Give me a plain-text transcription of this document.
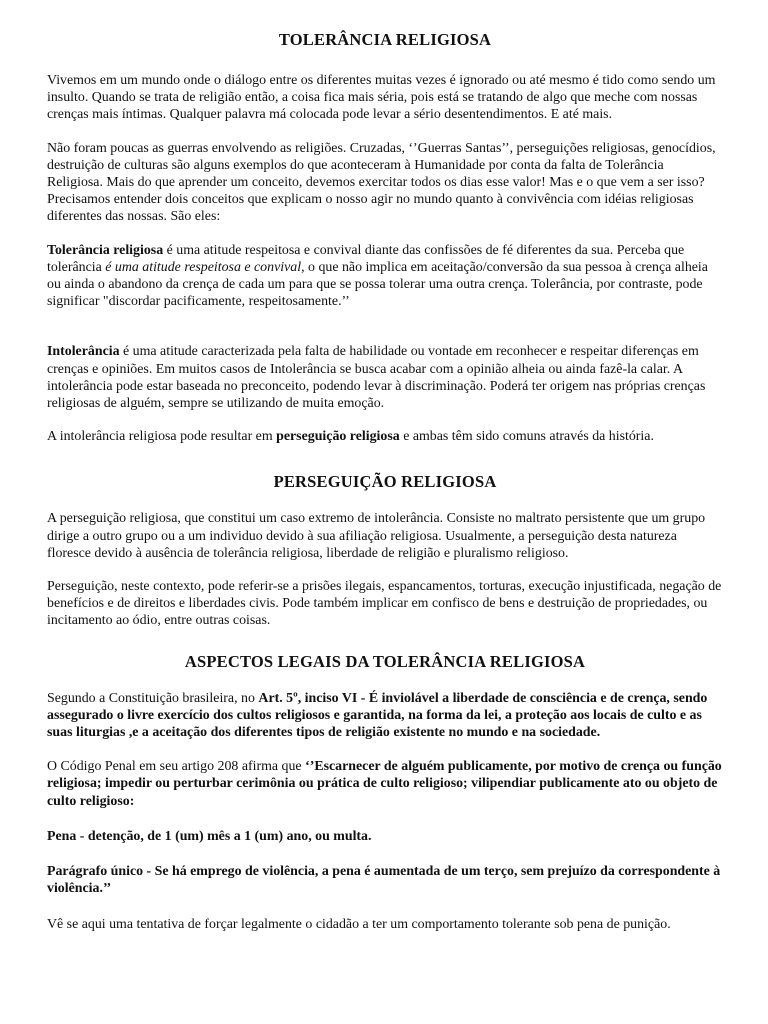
TOLERÂNCIA RELIGIOSA

Vivemos em um mundo onde o diálogo entre os diferentes muitas vezes é ignorado ou até mesmo é tido como sendo um insulto. Quando se trata de religião então, a coisa fica mais séria, pois está se tratando de algo que meche com nossas crenças mais íntimas. Qualquer palavra má colocada pode levar a sério desentendimentos. E até mais.

Não foram poucas as guerras envolvendo as religiões. Cruzadas, ‘’Guerras Santas’’, perseguições religiosas, genocídios, destruição de culturas são alguns exemplos do que aconteceram à Humanidade por conta da falta de Tolerância Religiosa. Mais do que aprender um conceito, devemos exercitar todos os dias esse valor! Mas e o que vem a ser isso? Precisamos entender dois conceitos que explicam o nosso agir no mundo quanto à convivência com idéias religiosas diferentes das nossas. São eles:

Tolerância religiosa é uma atitude respeitosa e convival diante das confissões de fé diferentes da sua. Perceba que tolerância é uma atitude respeitosa e convival, o que não implica em aceitação/conversão da sua pessoa à crença alheia ou ainda o abandono da crença de cada um para que se possa tolerar uma outra crença. Tolerância, por contraste, pode significar "discordar pacificamente, respeitosamente.’’

Intolerância é uma atitude caracterizada pela falta de habilidade ou vontade em reconhecer e respeitar diferenças em crenças e opiniões. Em muitos casos de Intolerância se busca acabar com a opinião alheia ou ainda fazê-la calar. A intolerância pode estar baseada no preconceito, podendo levar à discriminação. Poderá ter origem nas próprias crenças religiosas de alguém, sempre se utilizando de muita emoção.

A intolerância religiosa pode resultar em perseguição religiosa e ambas têm sido comuns através da história.

PERSEGUIÇÃO RELIGIOSA

A perseguição religiosa, que constitui um caso extremo de intolerância. Consiste no maltrato persistente que um grupo dirige a outro grupo ou a um individuo devido à sua afiliação religiosa. Usualmente, a perseguição desta natureza floresce devido à ausência de tolerância religiosa, liberdade de religião e pluralismo religioso.

Perseguição, neste contexto, pode referir-se a prisões ilegais, espancamentos, torturas, execução injustificada, negação de benefícios e de direitos e liberdades civis. Pode também implicar em confisco de bens e destruição de propriedades, ou incitamento ao ódio, entre outras coisas.

ASPECTOS LEGAIS DA TOLERÂNCIA RELIGIOSA

Segundo a Constituição brasileira, no Art. 5º, inciso VI - É inviolável a liberdade de consciência e de crença, sendo assegurado o livre exercício dos cultos religiosos e garantida, na forma da lei, a proteção aos locais de culto e as suas liturgias ,e a aceitação dos diferentes tipos de religião existente no mundo e na sociedade.

O Código Penal em seu artigo 208 afirma que ‘’Escarnecer de alguém publicamente, por motivo de crença ou função religiosa; impedir ou perturbar cerimônia ou prática de culto religioso; vilipendiar publicamente ato ou objeto de culto religioso:

Pena - detenção, de 1 (um) mês a 1 (um) ano, ou multa.

Parágrafo único - Se há emprego de violência, a pena é aumentada de um terço, sem prejuízo da correspondente à violência.’’

Vê se aqui uma tentativa de forçar legalmente o cidadão a ter um comportamento tolerante sob pena de punição.
